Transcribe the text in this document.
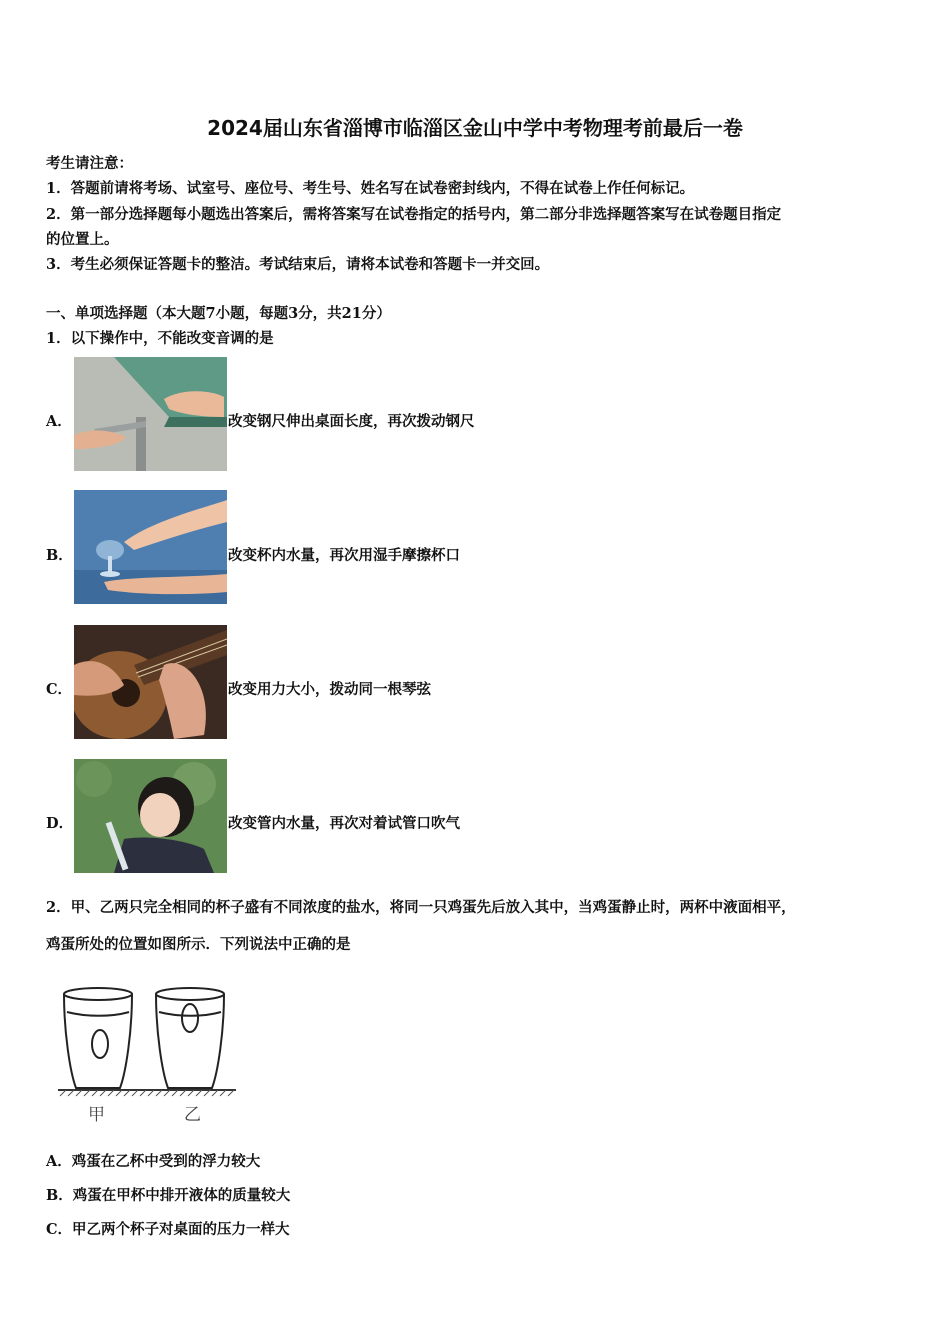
2024届山东省淄博市临淄区金山中学中考物理考前最后一卷
考生请注意：
1．答题前请将考场、试室号、座位号、考生号、姓名写在试卷密封线内，不得在试卷上作任何标记。
2．第一部分选择题每小题选出答案后，需将答案写在试卷指定的括号内，第二部分非选择题答案写在试卷题目指定
的位置上。
3．考生必须保证答题卡的整洁。考试结束后，请将本试卷和答题卡一并交回。
一、单项选择题（本大题7小题，每题3分，共21分）
1．以下操作中，不能改变音调的是
A．	改变钢尺伸出桌面长度，再次拨动钢尺
B．	改变杯内水量，再次用湿手摩擦杯口
C．	改变用力大小，拨动同一根琴弦
D．	改变管内水量，再次对着试管口吹气
2．甲、乙两只完全相同的杯子盛有不同浓度的盐水，将同一只鸡蛋先后放入其中，当鸡蛋静止时，两杯中液面相平，
鸡蛋所处的位置如图所示．下列说法中正确的是
甲	乙
A．鸡蛋在乙杯中受到的浮力较大
B．鸡蛋在甲杯中排开液体的质量较大
C．甲乙两个杯子对桌面的压力一样大
